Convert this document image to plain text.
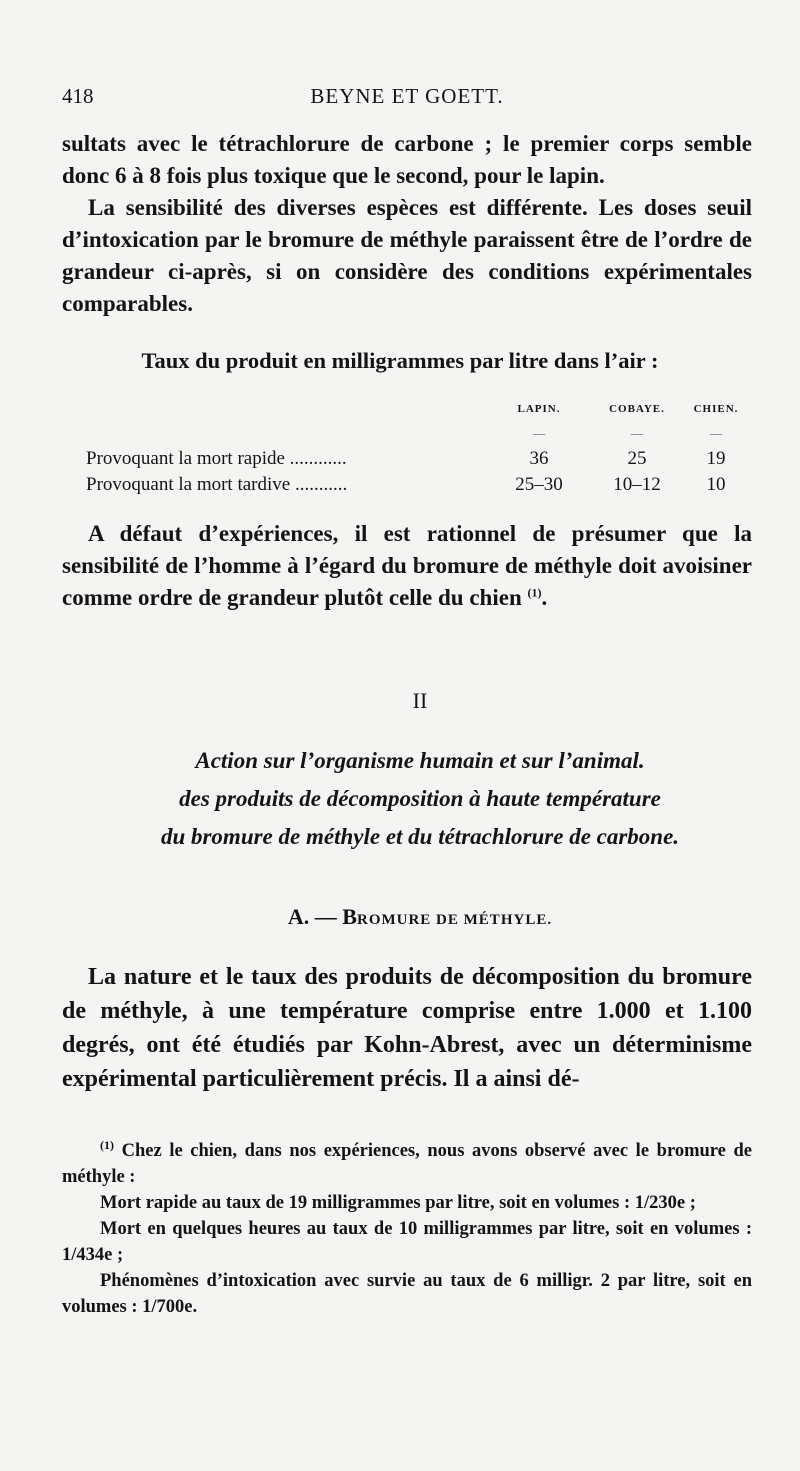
418	BEYNE ET GOETT.

sultats avec le tétrachlorure de carbone ; le premier corps semble donc 6 à 8 fois plus toxique que le second, pour le lapin.

La sensibilité des diverses espèces est différente. Les doses seuil d’intoxication par le bromure de méthyle paraissent être de l’ordre de grandeur ci-après, si on considère des conditions expérimentales comparables.

Taux du produit en milligrammes par litre dans l’air :
	LAPIN.	COBAYE.	CHIEN.
	—	—	—
Provoquant la mort rapide ............	36	25	19
Provoquant la mort tardive ...........	25–30	10–12	10
A défaut d’expériences, il est rationnel de présumer que la sensibilité de l’homme à l’égard du bromure de méthyle doit avoisiner comme ordre de grandeur plutôt celle du chien $^{(1)}$.
II
Action sur l’organisme humain et sur l’animal.
des produits de décomposition à haute température
du bromure de méthyle et du tétrachlorure de carbone.
A. — BROMURE DE MÉTHYLE.
La nature et le taux des produits de décomposition du bromure de méthyle, à une température comprise entre 1.000 et 1.100 degrés, ont été étudiés par Kohn-Abrest, avec un déterminisme expérimental particulièrement précis. Il a ainsi dé-

$^{(1)}$ Chez le chien, dans nos expériences, nous avons observé avec le bromure de méthyle :

Mort rapide au taux de 19 milligrammes par litre, soit en volumes : 1/230e ;

Mort en quelques heures au taux de 10 milligrammes par litre, soit en volumes : 1/434e ;

Phénomènes d’intoxication avec survie au taux de 6 milligr. 2 par litre, soit en volumes : 1/700e.
